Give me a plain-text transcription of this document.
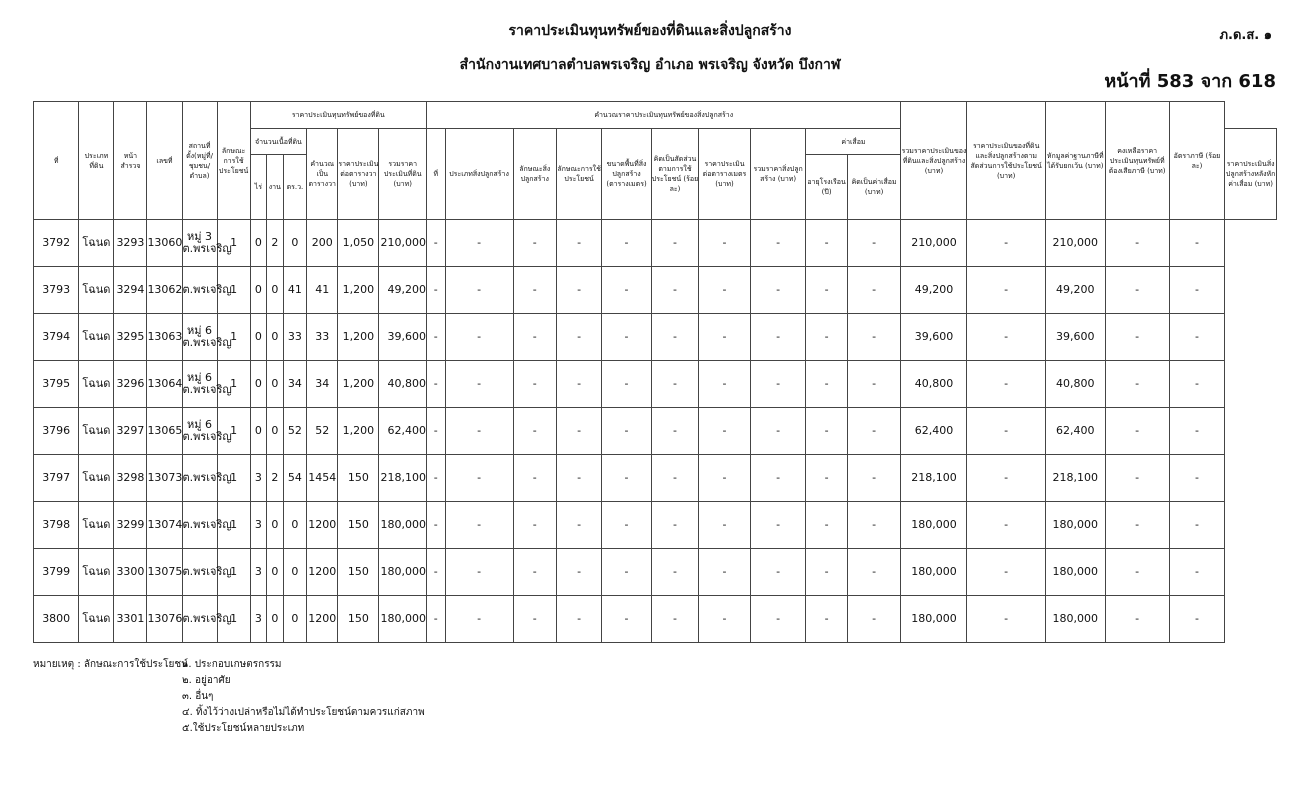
ราคาประเมินทุนทรัพย์ของที่ดินและสิ่งปลูกสร้าง	ภ.ด.ส. ๑
สำนักงานเทศบาลตำบลพรเจริญ อำเภอ พรเจริญ จังหวัด บึงกาฬ
หน้าที่ 583 จาก 618
ที่	ประเภทที่ดิน	หน้าสำรวจ	เลขที่	สถานที่ตั้ง(หมู่ที่/ชุมชน/ตำบล)	ลักษณะการใช้ประโยชน์	ราคาประเมินทุนทรัพย์ของที่ดิน						คำนวณราคาประเมินทุนทรัพย์ของสิ่งปลูกสร้าง										รวมราคาประเมินของที่ดินและสิ่งปลูกสร้าง (บาท)	ราคาประเมินของที่ดินและสิ่งปลูกสร้างตามสัดส่วนการใช้ประโยชน์ (บาท)	หักมูลค่าฐานภาษีที่ได้รับยกเว้น (บาท)	คงเหลือราคาประเมินทุนทรัพย์ที่ต้องเสียภาษี (บาท)	อัตราภาษี (ร้อยละ)	
						จำนวนเนื้อที่ดิน			คำนวณเป็นตารางวา	ราคาประเมินต่อตารางวา (บาท)	รวมราคาประเมินที่ดิน (บาท)	ที่	ประเภทสิ่งปลูกสร้าง	ลักษณะสิ่งปลูกสร้าง	ลักษณะการใช้ประโยชน์	ขนาดพื้นที่สิ่งปลูกสร้าง (ตารางเมตร)	คิดเป็นสัดส่วนตามการใช้ประโยชน์ (ร้อยละ)	ราคาประเมินต่อตารางเมตร (บาท)	รวมราคาสิ่งปลูกสร้าง (บาท)	ค่าเสื่อม							ราคาประเมินสิ่งปลูกสร้างหลังหักค่าเสื่อม (บาท)
						ไร่	งาน	ตร.ว.												อายุโรงเรือน (ปี)	คิดเป็นค่าเสื่อม (บาท)						
3792	โฉนด	3293	13060	หมู่ 3 ต.พรเจริญ	1	0	2	0	200	1,050	210,000	-	-	-	-	-	-	-	-	-	-	210,000	-	210,000	-	-	
3793	โฉนด	3294	13062	ต.พรเจริญ	1	0	0	41	41	1,200	49,200	-	-	-	-	-	-	-	-	-	-	49,200	-	49,200	-	-	
3794	โฉนด	3295	13063	หมู่ 6 ต.พรเจริญ	1	0	0	33	33	1,200	39,600	-	-	-	-	-	-	-	-	-	-	39,600	-	39,600	-	-	
3795	โฉนด	3296	13064	หมู่ 6 ต.พรเจริญ	1	0	0	34	34	1,200	40,800	-	-	-	-	-	-	-	-	-	-	40,800	-	40,800	-	-	
3796	โฉนด	3297	13065	หมู่ 6 ต.พรเจริญ	1	0	0	52	52	1,200	62,400	-	-	-	-	-	-	-	-	-	-	62,400	-	62,400	-	-	
3797	โฉนด	3298	13073	ต.พรเจริญ	1	3	2	54	1454	150	218,100	-	-	-	-	-	-	-	-	-	-	218,100	-	218,100	-	-	
3798	โฉนด	3299	13074	ต.พรเจริญ	1	3	0	0	1200	150	180,000	-	-	-	-	-	-	-	-	-	-	180,000	-	180,000	-	-	
3799	โฉนด	3300	13075	ต.พรเจริญ	1	3	0	0	1200	150	180,000	-	-	-	-	-	-	-	-	-	-	180,000	-	180,000	-	-	
3800	โฉนด	3301	13076	ต.พรเจริญ	1	3	0	0	1200	150	180,000	-	-	-	-	-	-	-	-	-	-	180,000	-	180,000	-	-	
หมายเหตุ : ลักษณะการใช้ประโยชน์
๑. ประกอบเกษตรกรรม
๒. อยู่อาศัย
๓. อื่นๆ
๔. ทิ้งไว้ว่างเปล่าหรือไม่ได้ทำประโยชน์ตามควรแก่สภาพ
๕.ใช้ประโยชน์หลายประเภท
